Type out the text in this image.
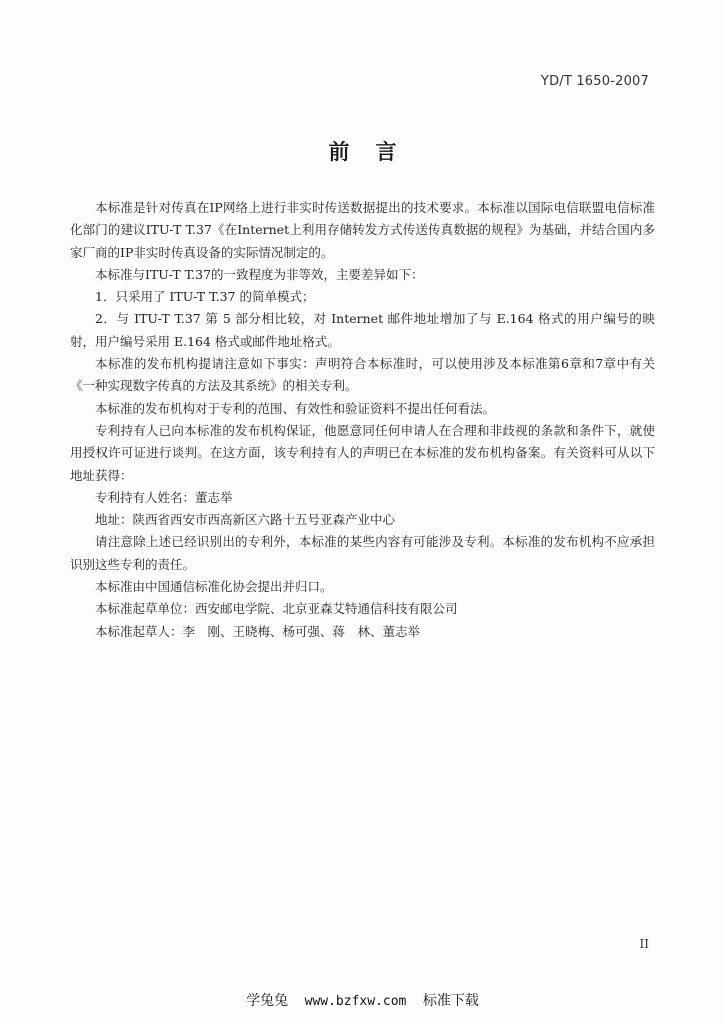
YD/T 1650-2007
前言

本标准是针对传真在IP网络上进行非实时传送数据提出的技术要求。本标准以国际电信联盟电信标准化部门的建议ITU-T T.37《在Internet上利用存储转发方式传送传真数据的规程》为基础，并结合国内多家厂商的IP非实时传真设备的实际情况制定的。

本标准与ITU-T T.37的一致程度为非等效，主要差异如下：

1．只采用了 ITU-T T.37 的简单模式；

2．与 ITU-T T.37 第 5 部分相比较，对 Internet 邮件地址增加了与 E.164 格式的用户编号的映射，用户编号采用 E.164 格式或邮件地址格式。

本标准的发布机构提请注意如下事实：声明符合本标准时，可以使用涉及本标准第6章和7章中有关《一种实现数字传真的方法及其系统》的相关专利。

本标准的发布机构对于专利的范围、有效性和验证资料不提出任何看法。

专利持有人已向本标准的发布机构保证，他愿意同任何申请人在合理和非歧视的条款和条件下，就使用授权许可证进行谈判。在这方面，该专利持有人的声明已在本标准的发布机构备案。有关资料可从以下地址获得：

专利持有人姓名：董志举

地址：陕西省西安市西高新区六路十五号亚森产业中心

请注意除上述已经识别出的专利外，本标准的某些内容有可能涉及专利。本标准的发布机构不应承担识别这些专利的责任。

本标准由中国通信标准化协会提出并归口。

本标准起草单位：西安邮电学院、北京亚森艾特通信科技有限公司

本标准起草人：李　刚、王晓梅、杨可强、蒋　林、董志举

II
学兔兔 www.bzfxw.com 标准下载
